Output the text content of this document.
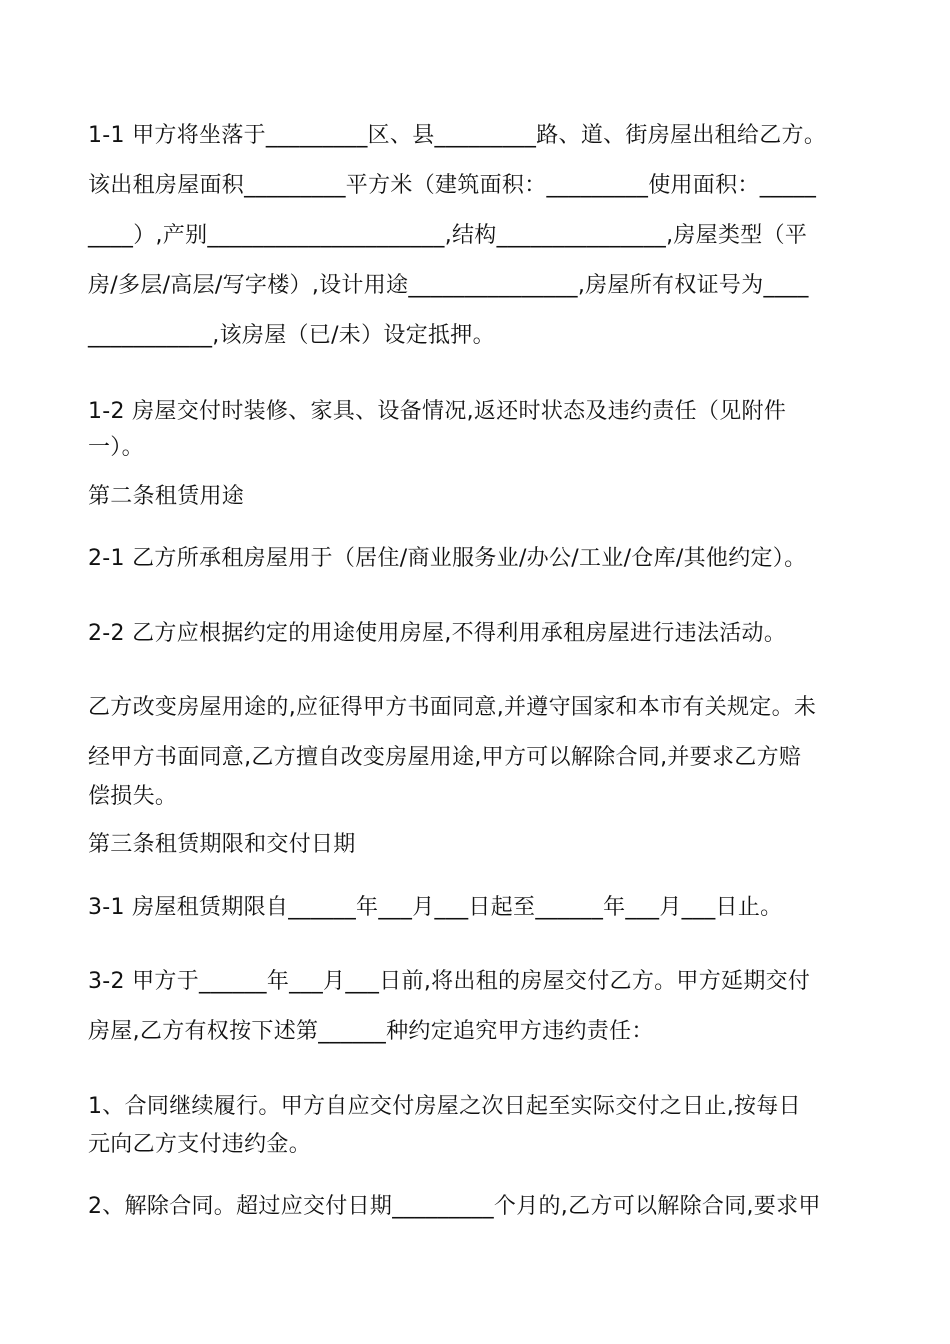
1-1 甲方将坐落于_________区、县_________路、道、街房屋出租给乙方。
该出租房屋面积_________平方米（建筑面积：_________使用面积：_____
____）,产别_____________________,结构_______________,房屋类型（平
房/多层/高层/写字楼）,设计用途_______________,房屋所有权证号为____
___________,该房屋（已/未）设定抵押。
1-2 房屋交付时装修、家具、设备情况,返还时状态及违约责任（见附件
一）。
第二条租赁用途
2-1 乙方所承租房屋用于（居住/商业服务业/办公/工业/仓库/其他约定）。
2-2 乙方应根据约定的用途使用房屋,不得利用承租房屋进行违法活动。
乙方改变房屋用途的,应征得甲方书面同意,并遵守国家和本市有关规定。未
经甲方书面同意,乙方擅自改变房屋用途,甲方可以解除合同,并要求乙方赔
偿损失。
第三条租赁期限和交付日期
3-1 房屋租赁期限自______年___月___日起至______年___月___日止。
3-2 甲方于______年___月___日前,将出租的房屋交付乙方。甲方延期交付
房屋,乙方有权按下述第______种约定追究甲方违约责任：
1、合同继续履行。甲方自应交付房屋之次日起至实际交付之日止,按每日
元向乙方支付违约金。
2、解除合同。超过应交付日期_________个月的,乙方可以解除合同,要求甲
